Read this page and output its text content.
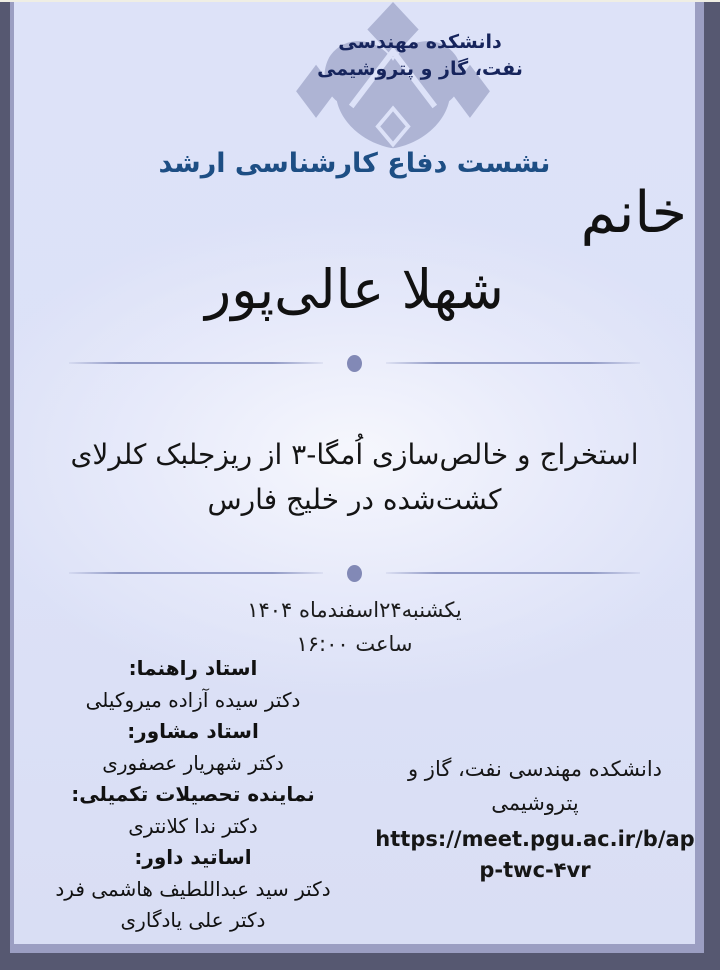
دانشکده مهندسی
نفت، گاز و پتروشیمی
نشست دفاع کارشناسی ارشد
خانم
شهلا عالی‌پور
استخراج و خالص‌سازی اُمگا-۳ از ریزجلبک کلرلای
کشت‌شده در خلیج فارس
یکشنبه۲۴اسفندماه ۱۴۰۴
ساعت ۱۶:۰۰
استاد راهنما:
دکتر سیده آزاده میروکیلی
استاد مشاور:
دکتر شهریار عصفوری
نماینده تحصیلات تکمیلی:
دکتر ندا کلانتری
اساتید داور:
دکتر سید عبداللطیف هاشمی فرد
دکتر علی یادگاری
دانشکده مهندسی نفت، گاز و
پتروشیمی
https://meet.pgu.ac.ir/b/app-twc-۴vr
